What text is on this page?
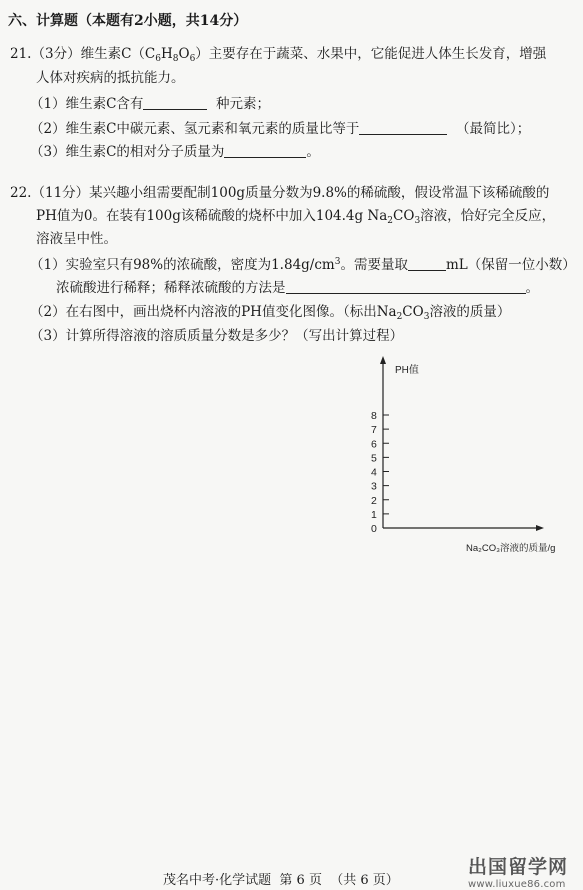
六、计算题（本题有2小题，共14分）
21.（3分）维生素$C(C_6H_8O_6)$主要存在于蔬菜、水果中，它能促进人体生长发育，增强
人体对疾病的抵抗能力。
（1）维生素C含有	种元素；
（2）维生素C中碳元素、氢元素和氧元素的质量比等于	（最简比）；
（3）维生素C的相对分子质量为	。
22.（11分）某兴趣小组需要配制100g质量分数为9.8%的稀硫酸，假设常温下该稀硫酸的
PH值为0。在装有100g该稀硫酸的烧杯中加入104.4g $Na_2CO_3$溶液，恰好完全反应，
溶液呈中性。
（1）实验室只有98%的浓硫酸，密度为$1.84g/cm^3$。需要量取	mL（保留一位小数）
浓硫酸进行稀释；稀释浓硫酸的方法是	。
（2）在右图中，画出烧杯内溶液的PH值变化图像。（标出$Na_2CO_3$溶液的质量）
（3）计算所得溶液的溶质质量分数是多少？（写出计算过程）
PH值
Na₂CO₃溶液的质量/g
0
1
2
3
4
5
6
7
8
茂名中考·化学试题 第 6 页 （共 6 页）
出国留学网
www.liuxue86.com
